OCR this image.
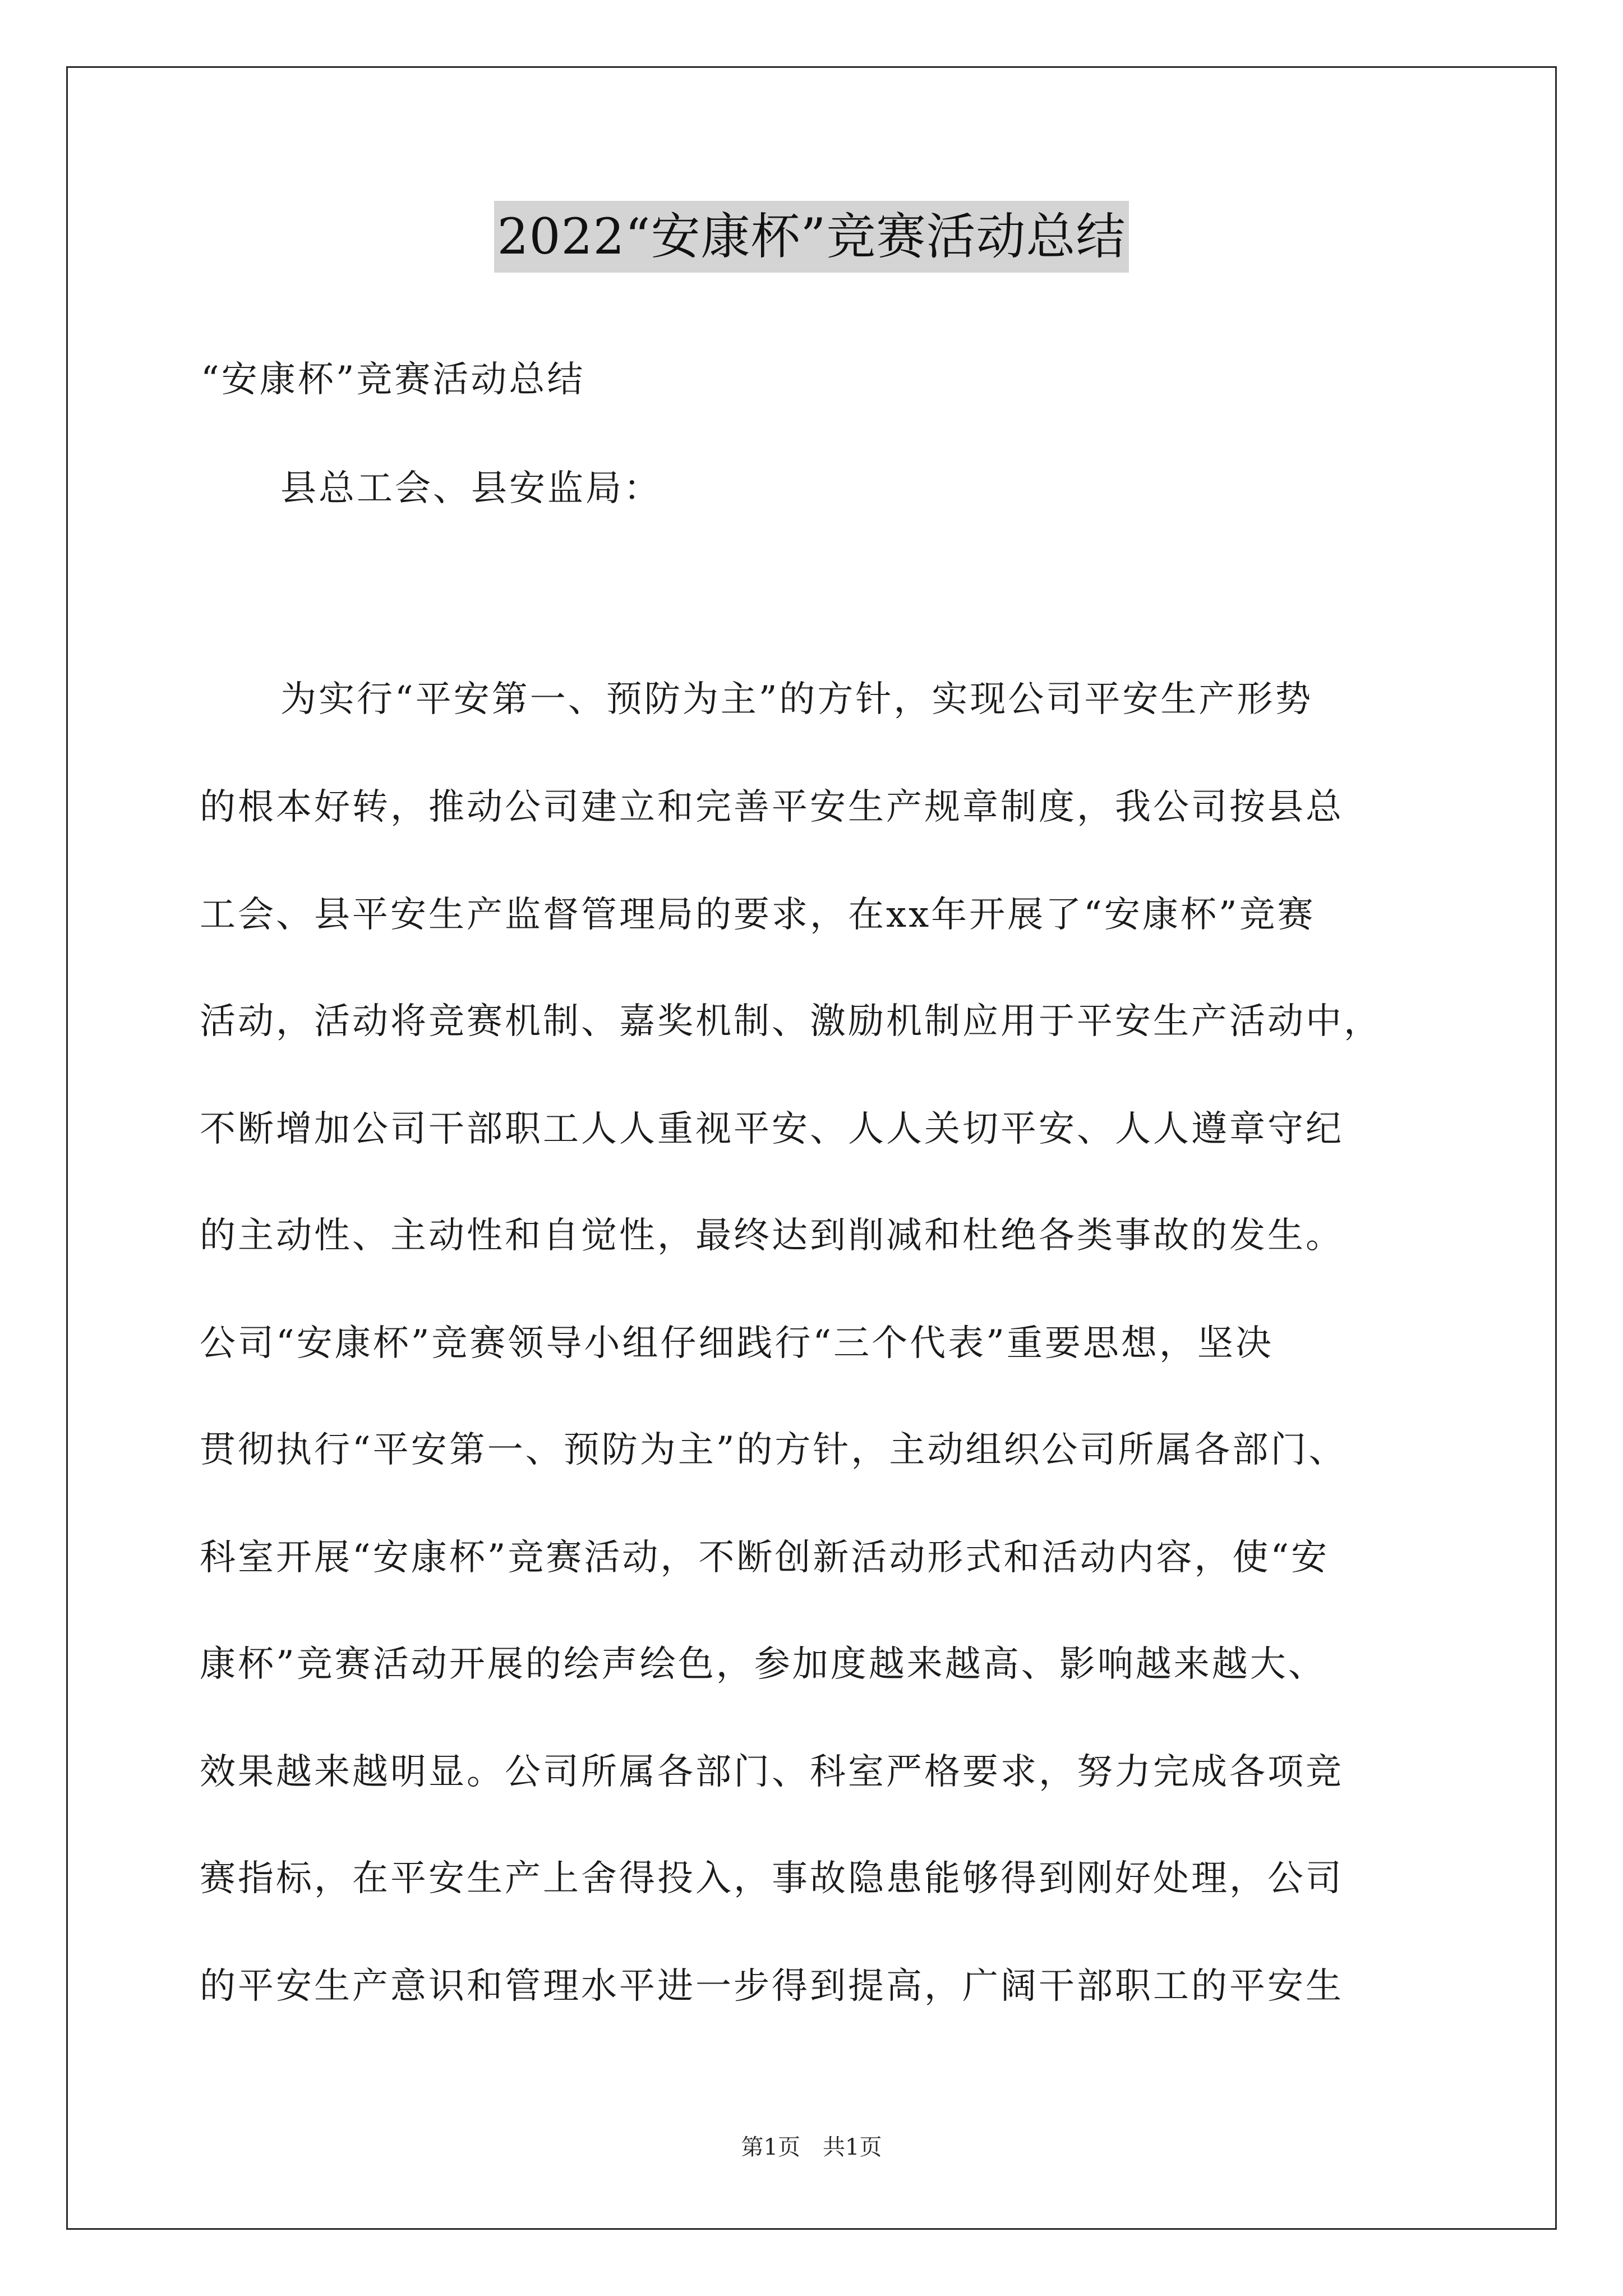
2022“安康杯”竞赛活动总结
“安康杯”竞赛活动总结
县总工会、县安监局：
为实行“平安第一、预防为主”的方针，实现公司平安生产形势
的根本好转，推动公司建立和完善平安生产规章制度，我公司按县总
工会、县平安生产监督管理局的要求，在xx年开展了“安康杯”竞赛
活动，活动将竞赛机制、嘉奖机制、激励机制应用于平安生产活动中，
不断增加公司干部职工人人重视平安、人人关切平安、人人遵章守纪
的主动性、主动性和自觉性，最终达到削减和杜绝各类事故的发生。
公司“安康杯”竞赛领导小组仔细践行“三个代表”重要思想，坚决
贯彻执行“平安第一、预防为主”的方针，主动组织公司所属各部门、
科室开展“安康杯”竞赛活动，不断创新活动形式和活动内容，使“安
康杯”竞赛活动开展的绘声绘色，参加度越来越高、影响越来越大、
效果越来越明显。公司所属各部门、科室严格要求，努力完成各项竞
赛指标，在平安生产上舍得投入，事故隐患能够得到刚好处理，公司
的平安生产意识和管理水平进一步得到提高，广阔干部职工的平安生
第1页　共1页
